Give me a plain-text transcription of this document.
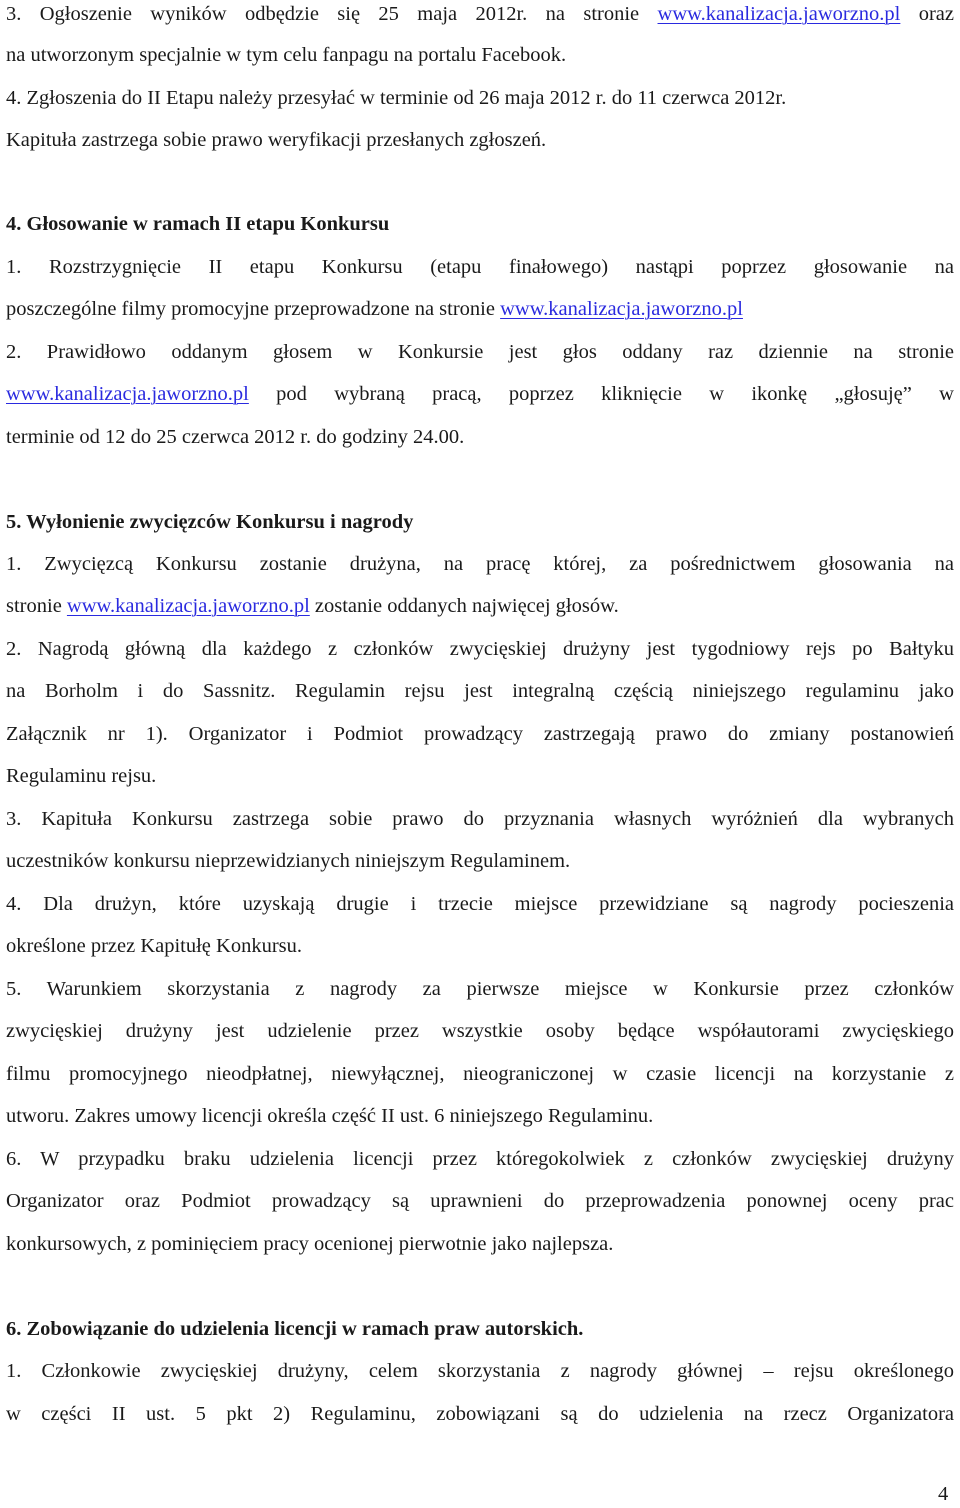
3. Ogłoszenie wyników odbędzie się 25 maja 2012r. na stronie www.kanalizacja.jaworzno.pl oraz
na utworzonym specjalnie w tym celu fanpagu na portalu Facebook.
4. Zgłoszenia do II Etapu należy przesyłać w terminie od 26 maja 2012 r. do 11 czerwca 2012r.
Kapituła zastrzega sobie prawo weryfikacji przesłanych zgłoszeń.
4. Głosowanie w ramach II etapu Konkursu
1. Rozstrzygnięcie II etapu Konkursu (etapu finałowego) nastąpi poprzez głosowanie na
poszczególne filmy promocyjne przeprowadzone na stronie www.kanalizacja.jaworzno.pl
2. Prawidłowo oddanym głosem w Konkursie jest głos oddany raz dziennie na stronie
www.kanalizacja.jaworzno.pl pod wybraną pracą, poprzez kliknięcie w ikonkę „głosuję” w
terminie od 12 do 25 czerwca 2012 r. do godziny 24.00.
5. Wyłonienie zwycięzców Konkursu i nagrody
1. Zwycięzcą Konkursu zostanie drużyna, na pracę której, za pośrednictwem głosowania na
stronie www.kanalizacja.jaworzno.pl zostanie oddanych najwięcej głosów.
2. Nagrodą główną dla każdego z członków zwycięskiej drużyny jest tygodniowy rejs po Bałtyku
na Borholm i do Sassnitz. Regulamin rejsu jest integralną częścią niniejszego regulaminu jako
Załącznik nr 1). Organizator i Podmiot prowadzący zastrzegają prawo do zmiany postanowień
Regulaminu rejsu.
3. Kapituła Konkursu zastrzega sobie prawo do przyznania własnych wyróżnień dla wybranych
uczestników konkursu nieprzewidzianych niniejszym Regulaminem.
4. Dla drużyn, które uzyskają drugie i trzecie miejsce przewidziane są nagrody pocieszenia
określone przez Kapitułę Konkursu.
5. Warunkiem skorzystania z nagrody za pierwsze miejsce w Konkursie przez członków
zwycięskiej drużyny jest udzielenie przez wszystkie osoby będące współautorami zwycięskiego
filmu promocyjnego nieodpłatnej, niewyłącznej, nieograniczonej w czasie licencji na korzystanie z
utworu. Zakres umowy licencji określa część II ust. 6 niniejszego Regulaminu.
6. W przypadku braku udzielenia licencji przez któregokolwiek z członków zwycięskiej drużyny
Organizator oraz Podmiot prowadzący są uprawnieni do przeprowadzenia ponownej oceny prac
konkursowych, z pominięciem pracy ocenionej pierwotnie jako najlepsza.
6. Zobowiązanie do udzielenia licencji w ramach praw autorskich.
1. Członkowie zwycięskiej drużyny, celem skorzystania z nagrody głównej – rejsu określonego
w części II ust. 5 pkt 2) Regulaminu, zobowiązani są do udzielenia na rzecz Organizatora
4
